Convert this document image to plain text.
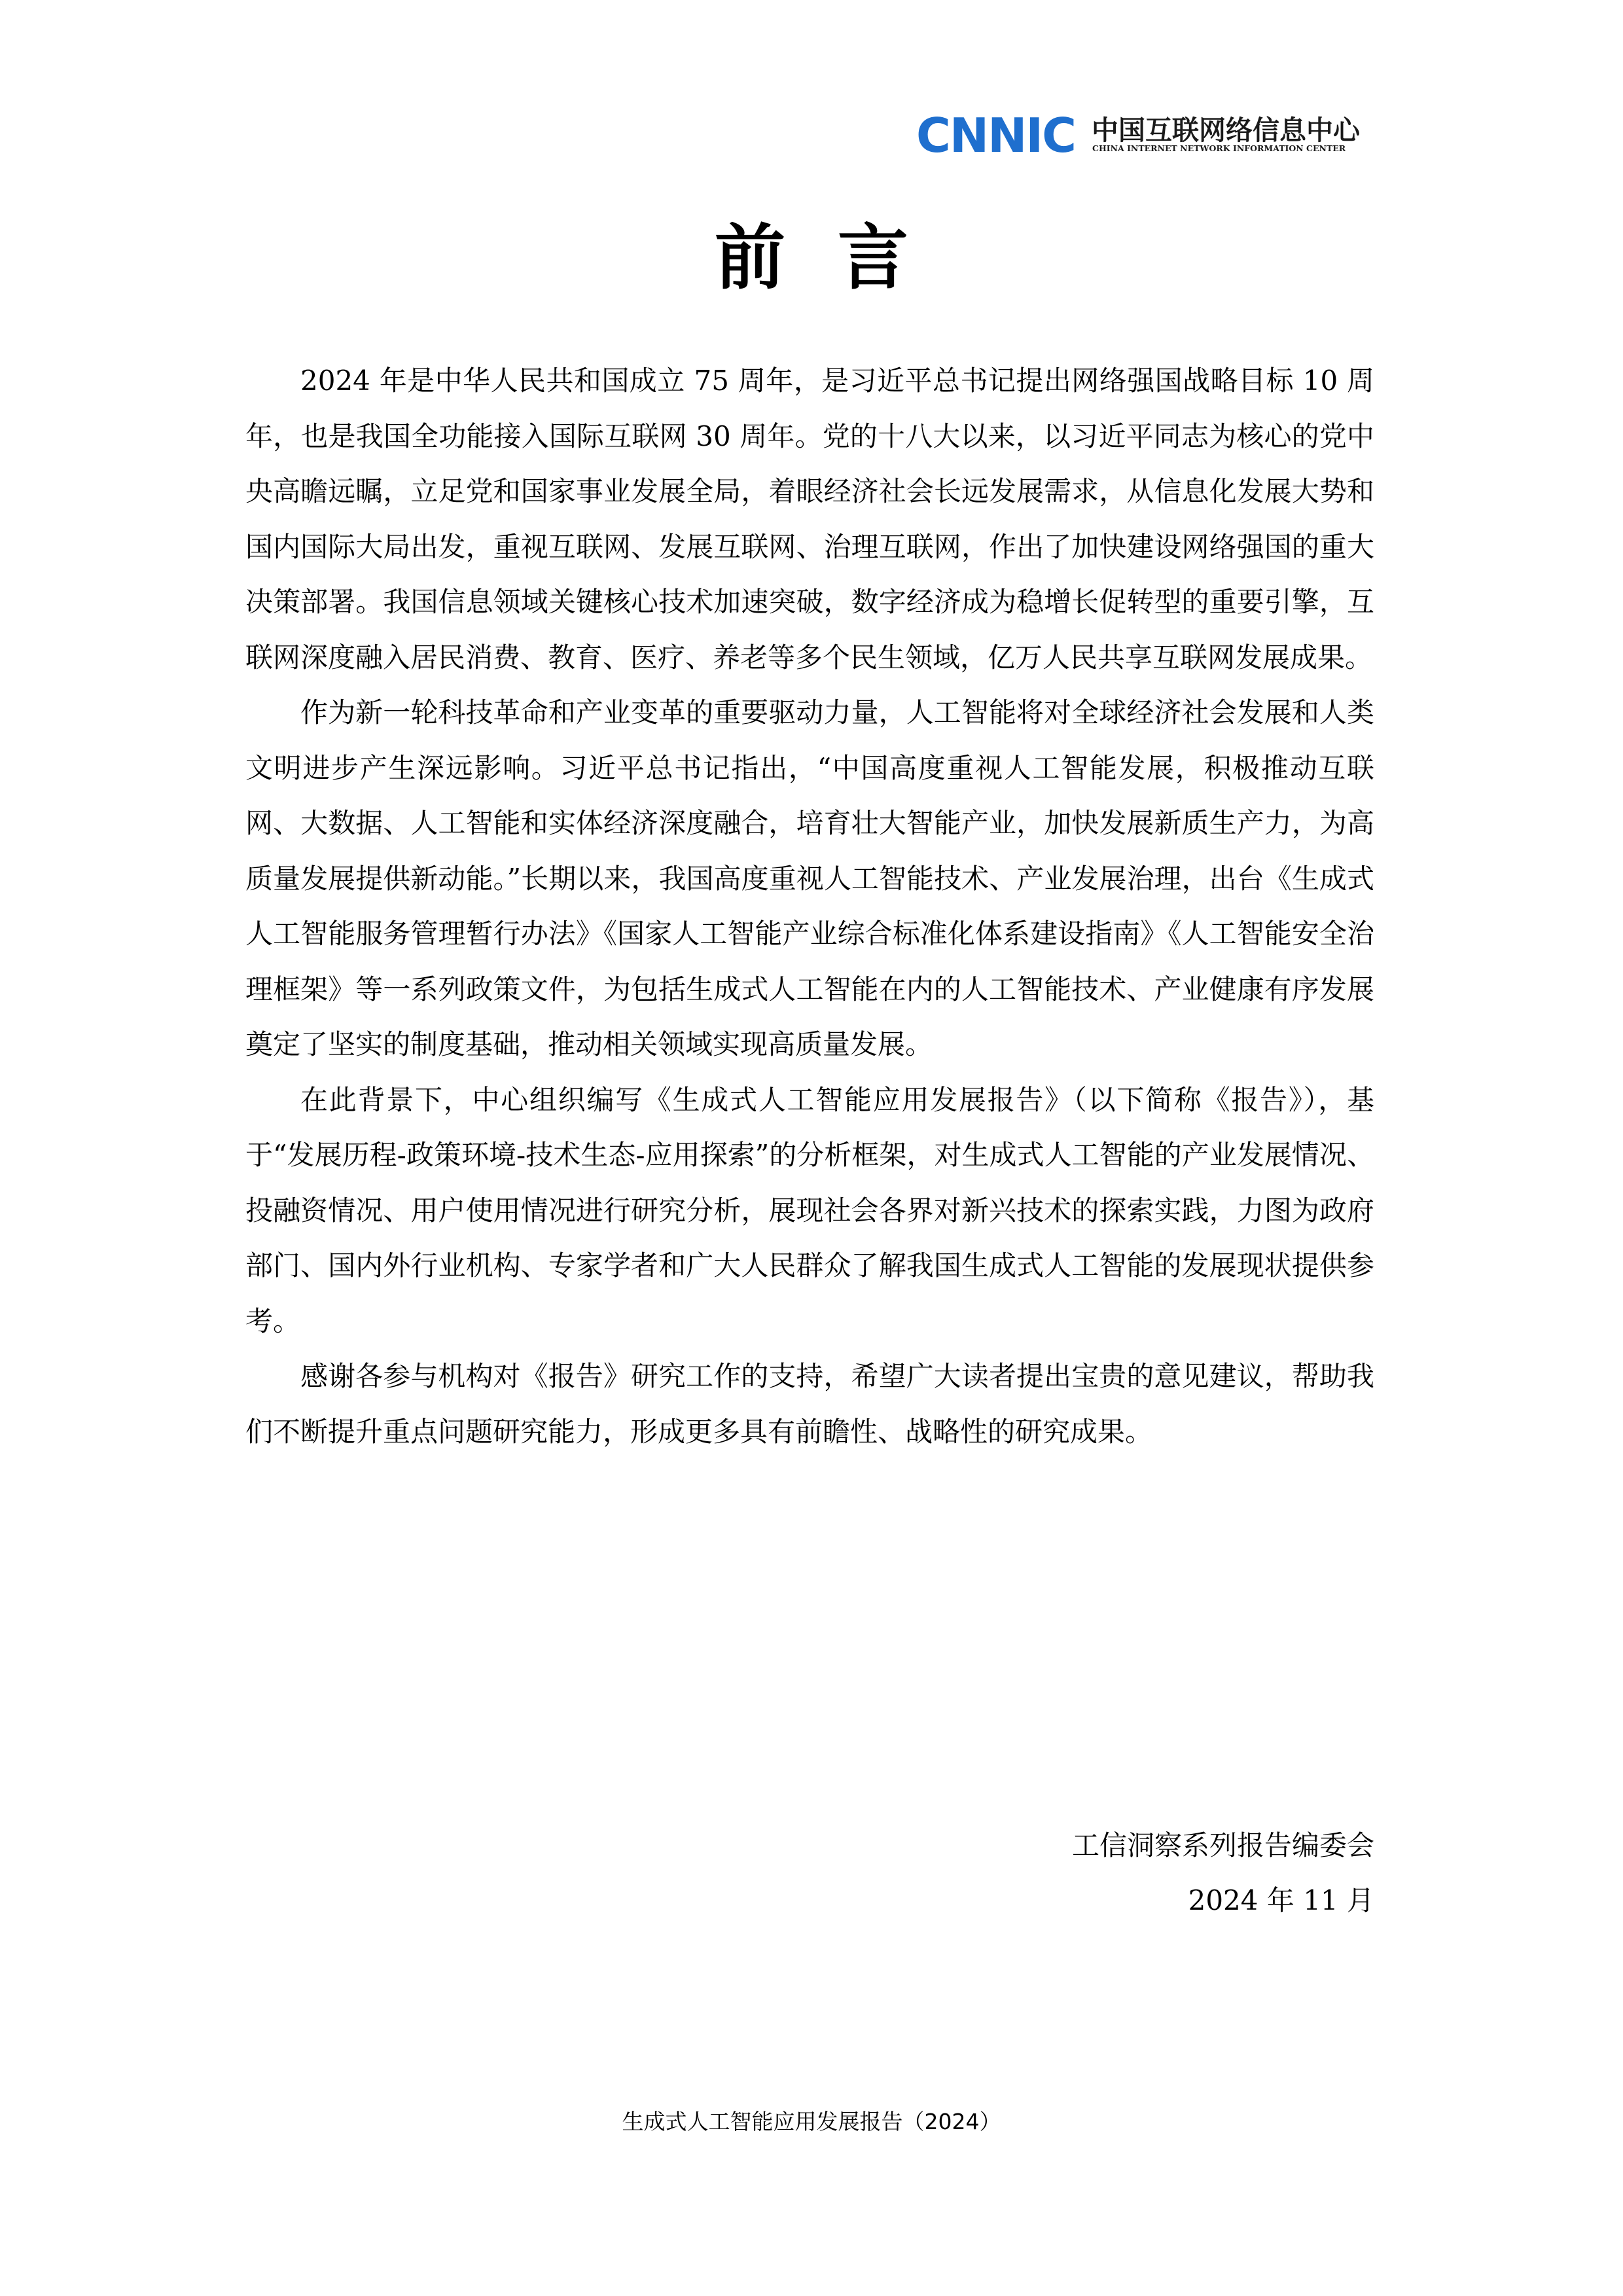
CNNIC 中国互联网络信息中心
CHINA INTERNET NETWORK INFORMATION CENTER
前言

2024 年是中华人民共和国成立 75 周年，是习近平总书记提出网络强国战略目标 10 周年，也是我国全功能接入国际互联网 30 周年。党的十八大以来，以习近平同志为核心的党中央高瞻远瞩，立足党和国家事业发展全局，着眼经济社会长远发展需求，从信息化发展大势和国内国际大局出发，重视互联网、发展互联网、治理互联网，作出了加快建设网络强国的重大决策部署。我国信息领域关键核心技术加速突破，数字经济成为稳增长促转型的重要引擎，互联网深度融入居民消费、教育、医疗、养老等多个民生领域，亿万人民共享互联网发展成果。

作为新一轮科技革命和产业变革的重要驱动力量，人工智能将对全球经济社会发展和人类文明进步产生深远影响。习近平总书记指出，“中国高度重视人工智能发展，积极推动互联网、大数据、人工智能和实体经济深度融合，培育壮大智能产业，加快发展新质生产力，为高质量发展提供新动能。”长期以来，我国高度重视人工智能技术、产业发展治理，出台《生成式人工智能服务管理暂行办法》《国家人工智能产业综合标准化体系建设指南》《人工智能安全治理框架》等一系列政策文件，为包括生成式人工智能在内的人工智能技术、产业健康有序发展奠定了坚实的制度基础，推动相关领域实现高质量发展。

在此背景下，中心组织编写《生成式人工智能应用发展报告》（以下简称《报告》），基于“发展历程-政策环境-技术生态-应用探索”的分析框架，对生成式人工智能的产业发展情况、投融资情况、用户使用情况进行研究分析，展现社会各界对新兴技术的探索实践，力图为政府部门、国内外行业机构、专家学者和广大人民群众了解我国生成式人工智能的发展现状提供参考。

感谢各参与机构对《报告》研究工作的支持，希望广大读者提出宝贵的意见建议，帮助我们不断提升重点问题研究能力，形成更多具有前瞻性、战略性的研究成果。

工信洞察系列报告编委会
2024 年 11 月
生成式人工智能应用发展报告（2024）
